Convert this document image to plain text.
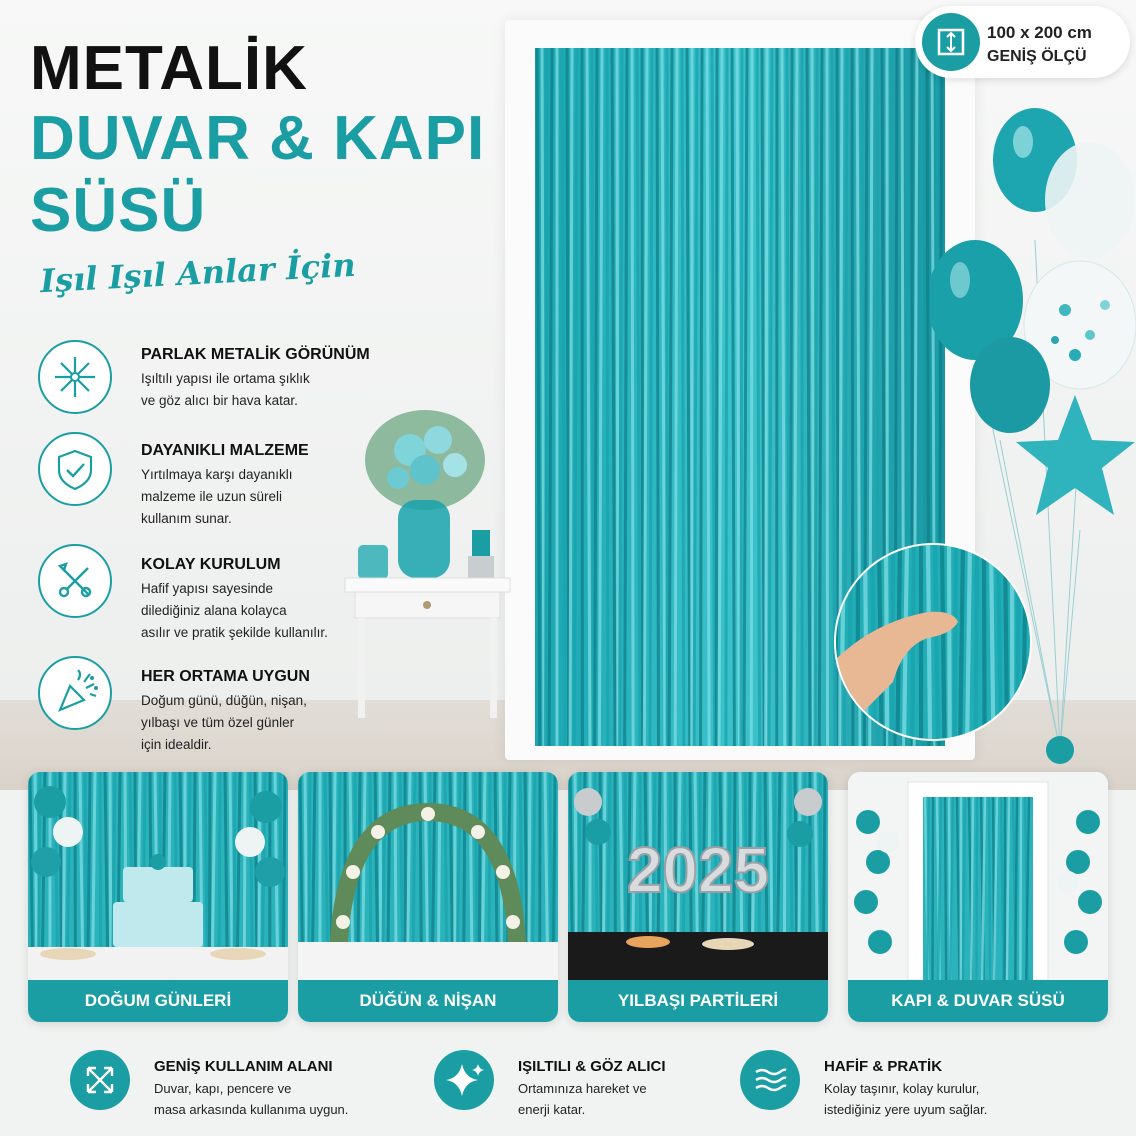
METALİK
DUVAR & KAPI
SÜSÜ
Işıl Işıl Anlar İçin
100 x 200 cm
GENİŞ ÖLÇÜ
PARLAK METALİK GÖRÜNÜM
Işıltılı yapısı ile ortama şıklık
ve göz alıcı bir hava katar.
DAYANIKLI MALZEME
Yırtılmaya karşı dayanıklı
malzeme ile uzun süreli
kullanım sunar.
KOLAY KURULUM
Hafif yapısı sayesinde
dilediğiniz alana kolayca
asılır ve pratik şekilde kullanılır.
HER ORTAMA UYGUN
Doğum günü, düğün, nişan,
yılbaşı ve tüm özel günler
için idealdir.
DOĞUM GÜNLERİ	DÜĞÜN & NİŞAN
2025
YILBAŞI PARTİLERİ	KAPI & DUVAR SÜSÜ
GENİŞ KULLANIM ALANI
Duvar, kapı, pencere ve
masa arkasında kullanıma uygun.
IŞILTILI & GÖZ ALICI
Ortamınıza hareket ve
enerji katar.
HAFİF & PRATİK
Kolay taşınır, kolay kurulur,
istediğiniz yere uyum sağlar.
